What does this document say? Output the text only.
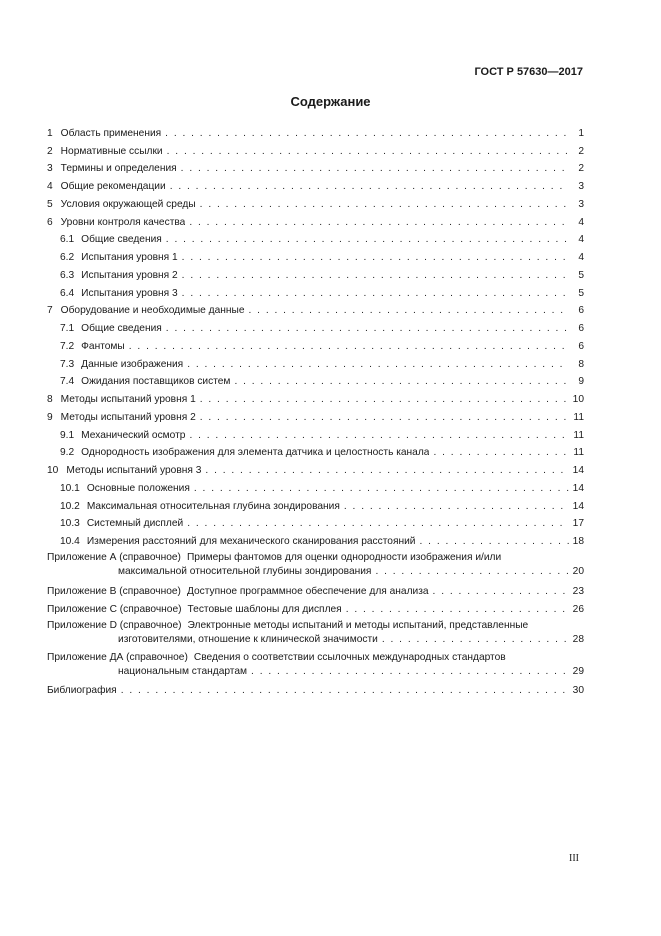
ГОСТ Р 57630—2017
Содержание
1 Область применения . . .	1
2 Нормативные ссылки . . .	2
3 Термины и определения . . .	2
4 Общие рекомендации . . .	3
5 Условия окружающей среды . . .	3
6 Уровни контроля качества . . .	4
6.1 Общие сведения . . .	4
6.2 Испытания уровня 1 . . .	4
6.3 Испытания уровня 2 . . .	5
6.4 Испытания уровня 3 . . .	5
7 Оборудование и необходимые данные . . .	6
7.1 Общие сведения . . .	6
7.2 Фантомы . . .	6
7.3 Данные изображения . . .	8
7.4 Ожидания поставщиков систем . . .	9
8 Методы испытаний уровня 1 . . .	10
9 Методы испытаний уровня 2 . . .	11
9.1 Механический осмотр . . .	11
9.2 Однородность изображения для элемента датчика и целостность канала . . .	11
10 Методы испытаний уровня 3 . . .	14
10.1 Основные положения . . .	14
10.2 Максимальная относительная глубина зондирования . . .	14
10.3 Системный дисплей . . .	17
10.4 Измерения расстояний для механического сканирования расстояний . . .	18
Приложение А (справочное) Примеры фантомов для оценки однородности изображения и/или
максимальной относительной глубины зондирования . . .	20
Приложение В (справочное) Доступное программное обеспечение для анализа . . .	23
Приложение С (справочное) Тестовые шаблоны для дисплея . . .	26
Приложение D (справочное) Электронные методы испытаний и методы испытаний, представленные
изготовителями, отношение к клинической значимости . . .	28
Приложение ДА (справочное) Сведения о соответствии ссылочных международных стандартов
национальным стандартам . . .	29
Библиография . . .	30
III
